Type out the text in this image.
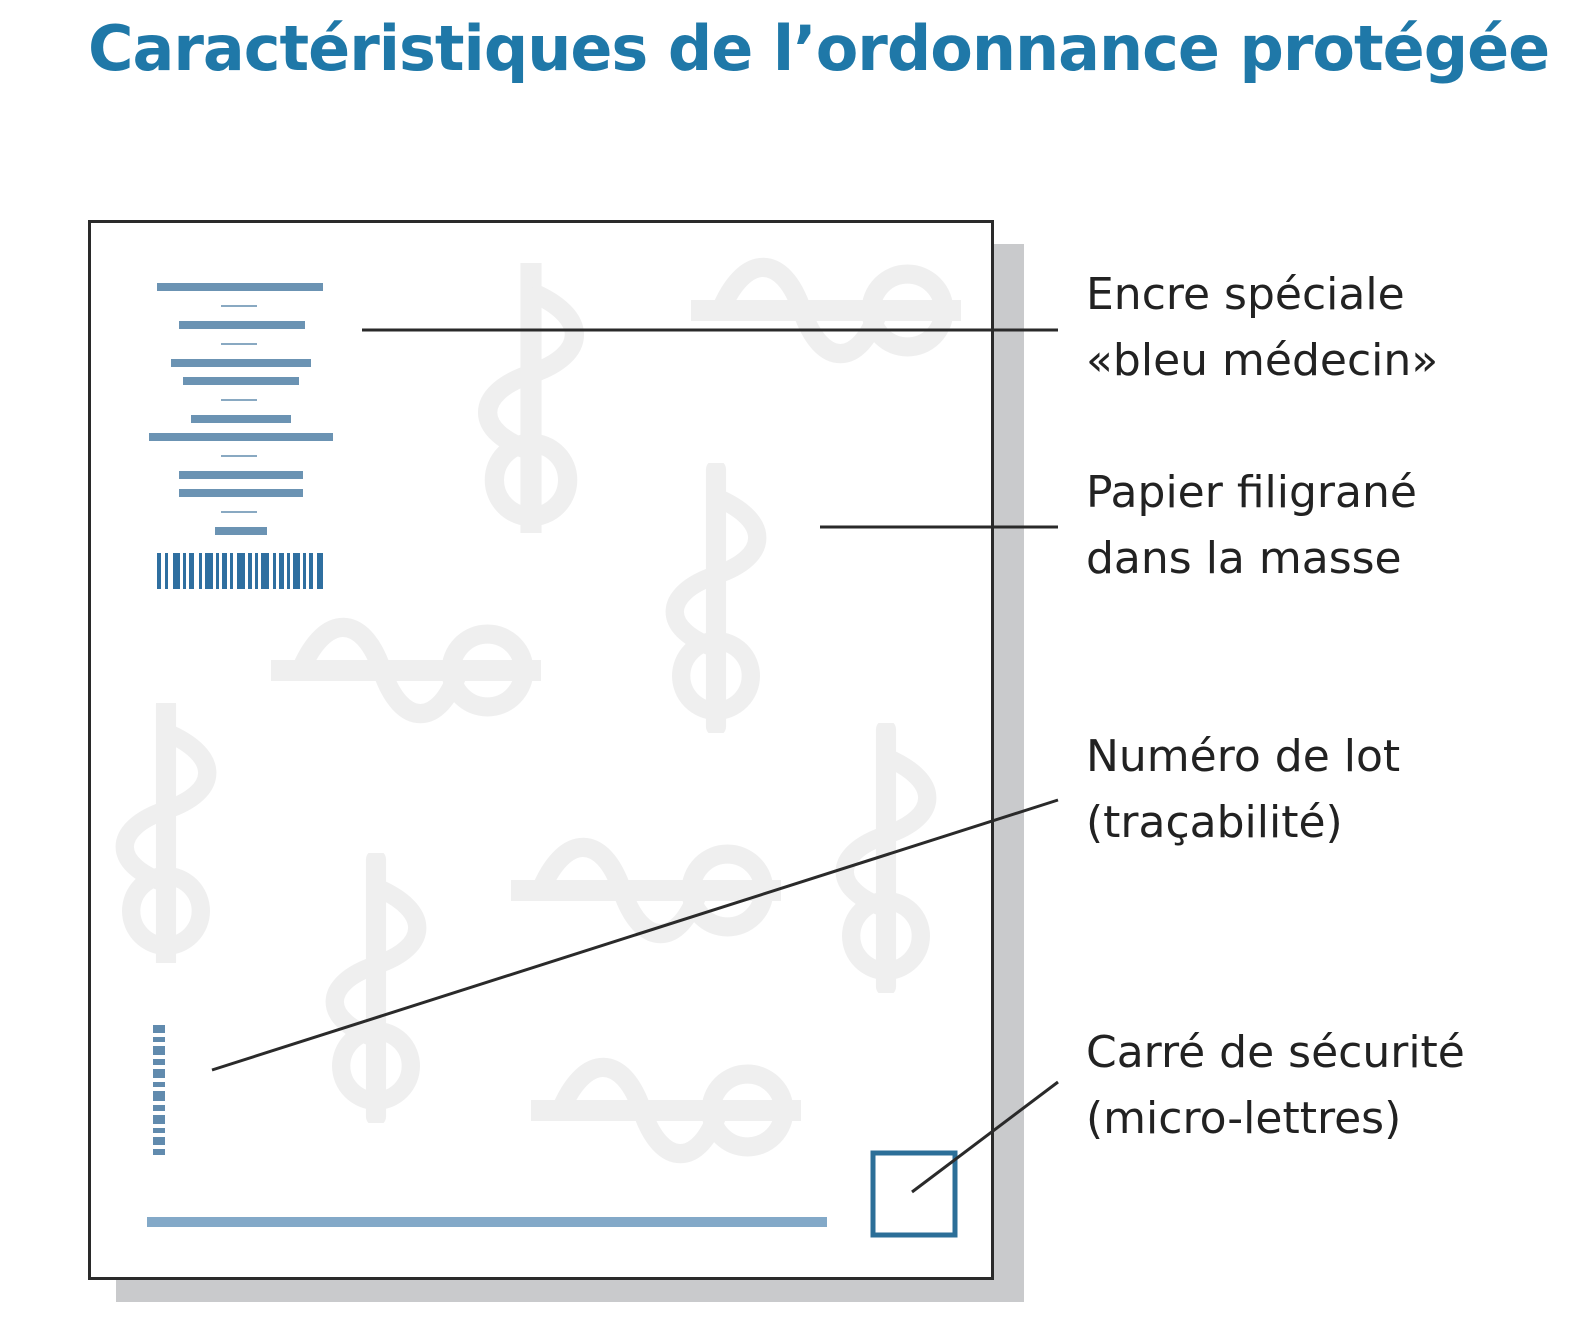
Caractéristiques de l’ordonnance protégée
Encre spéciale
«bleu médecin»
Papier filigrané
dans la masse
Numéro de lot
(traçabilité)
Carré de sécurité
(micro-lettres)
